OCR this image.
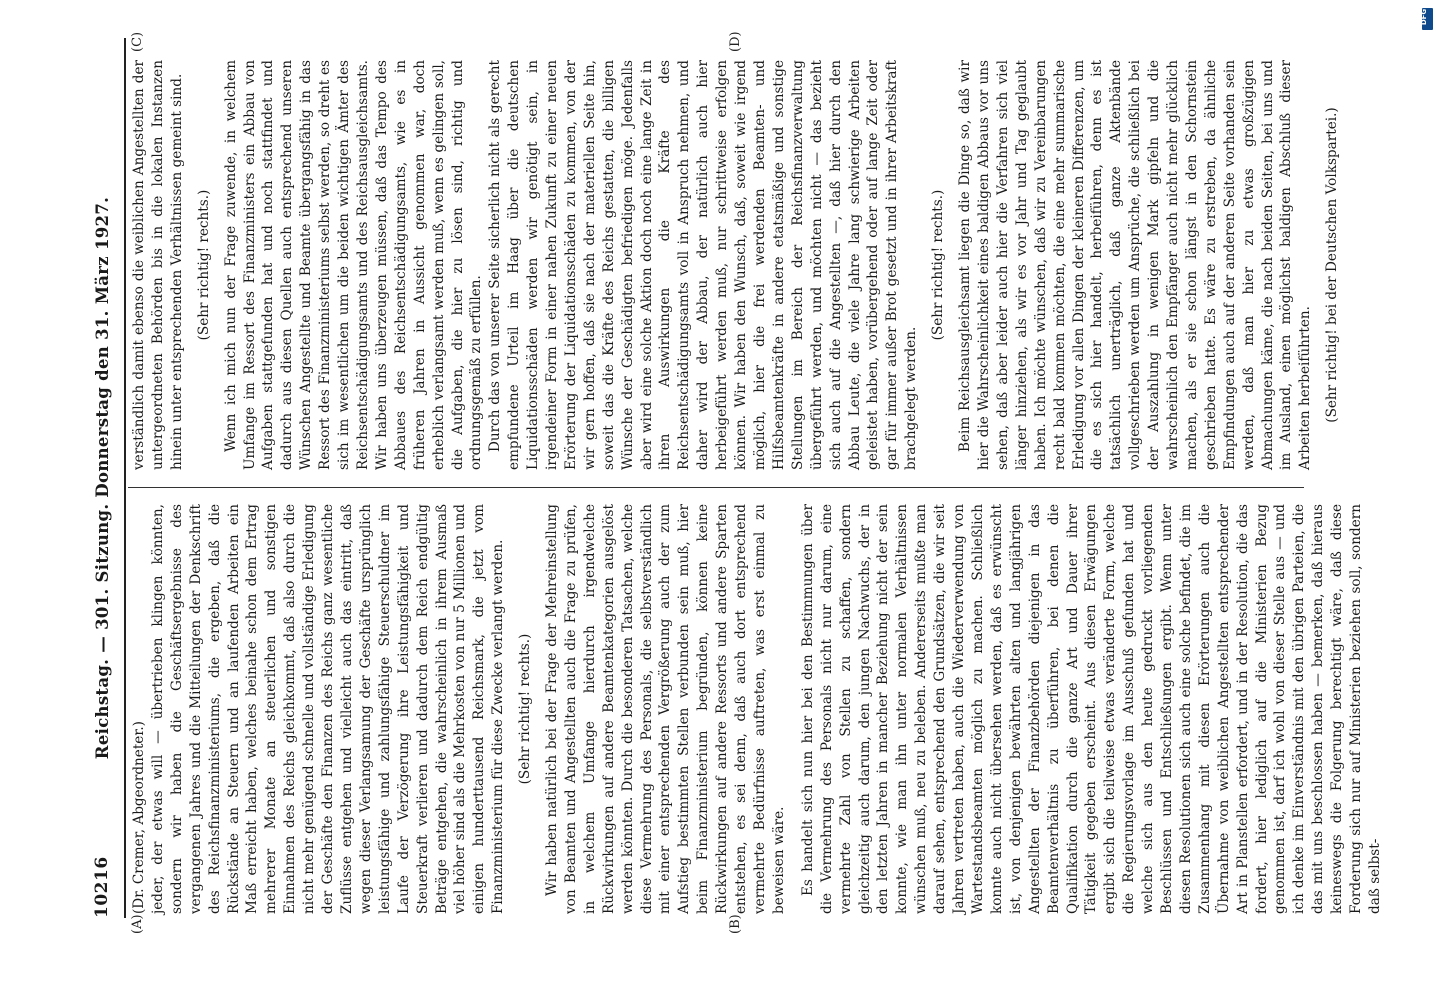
10216
Reichstag. — 301. Sitzung. Donnerstag den 31. März 1927.
(A)	(B)
(C)	(D)

(Dr. Cremer, Abgeordneter.) jeder, der etwas will — übertrieben klingen könnten, sondern wir haben die Geschäftsergebnisse des vergangenen Jahres und die Mitteilungen der Denkschrift des Reichsfinanzministeriums, die ergeben, daß die Rückstände an Steuern und an laufenden Arbeiten ein Maß erreicht haben, welches beinahe schon dem Ertrag mehrerer Monate an steuerlichen und sonstigen Einnahmen des Reichs gleichkommt, daß also durch die nicht mehr genügend schnelle und vollständige Erledigung der Geschäfte den Finanzen des Reichs ganz wesentliche Zuflüsse entgehen und vielleicht auch das eintritt, daß wegen dieser Verlangsamung der Geschäfte ursprünglich leistungsfähige und zahlungsfähige Steuerschuldner im Laufe der Verzögerung ihre Leistungsfähigkeit und Steuerkraft verlieren und dadurch dem Reich endgültig Beträge entgehen, die wahrscheinlich in ihrem Ausmaß viel höher sind als die Mehrkosten von nur 5 Millionen und einigen hunderttausend Reichsmark, die jetzt vom Finanzministerium für diese Zwecke verlangt werden. (Sehr richtig! rechts.) Wir haben natürlich bei der Frage der Mehreinstellung von Beamten und Angestellten auch die Frage zu prüfen, in welchem Umfange hierdurch irgendwelche Rückwirkungen auf andere Beamtenkategorien ausgelöst werden könnten. Durch die besonderen Tatsachen, welche diese Vermehrung des Personals, die selbstverständlich mit einer entsprechenden Vergrößerung auch der zum Aufstieg bestimmten Stellen verbunden sein muß, hier beim Finanzministerium begründen, können keine Rückwirkungen auf andere Ressorts und andere Sparten entstehen, es sei denn, daß auch dort entsprechend vermehrte Bedürfnisse auftreten, was erst einmal zu beweisen wäre. Es handelt sich nun hier bei den Bestimmungen über die Vermehrung des Personals nicht nur darum, eine vermehrte Zahl von Stellen zu schaffen, sondern gleichzeitig auch darum, den jungen Nachwuchs, der in den letzten Jahren in mancher Beziehung nicht der sein konnte, wie man ihn unter normalen Verhältnissen wünschen muß, neu zu beleben. Andererseits mußte man darauf sehen, entsprechend den Grundsätzen, die wir seit Jahren vertreten haben, auch die Wiederverwendung von Wartestandsbeamten möglich zu machen. Schließlich konnte auch nicht übersehen werden, daß es erwünscht ist, von denjenigen bewährten alten und langjährigen Angestellten der Finanzbehörden diejenigen in das Beamtenverhältnis zu überführen, bei denen die Qualifikation durch die ganze Art und Dauer ihrer Tätigkeit gegeben erscheint. Aus diesen Erwägungen ergibt sich die teilweise etwas veränderte Form, welche die Regierungsvorlage im Ausschuß gefunden hat und welche sich aus den heute gedruckt vorliegenden Beschlüssen und Entschließungen ergibt. Wenn unter diesen Resolutionen sich auch eine solche befindet, die im Zusammenhang mit diesen Erörterungen auch die Übernahme von weiblichen Angestellten entsprechender Art in Planstellen erfordert, und in der Resolution, die das fordert, hier lediglich auf die Ministerien Bezug genommen ist, darf ich wohl von dieser Stelle aus — und ich denke im Einverständnis mit den übrigen Parteien, die das mit uns beschlossen haben — bemerken, daß hieraus keineswegs die Folgerung berechtigt wäre, daß diese Forderung sich nur auf Ministerien beziehen soll, sondern daß selbst-

verständlich damit ebenso die weiblichen Angestellten der untergeordneten Behörden bis in die lokalen Instanzen hinein unter entsprechenden Verhältnissen gemeint sind. (Sehr richtig! rechts.) Wenn ich mich nun der Frage zuwende, in welchem Umfange im Ressort des Finanzministers ein Abbau von Aufgaben stattgefunden hat und noch stattfindet und dadurch aus diesen Quellen auch entsprechend unseren Wünschen Angestellte und Beamte übergangsfähig in das Ressort des Finanzministeriums selbst werden, so dreht es sich im wesentlichen um die beiden wichtigen Ämter des Reichsentschädigungsamts und des Reichsausgleichsamts. Wir haben uns überzeugen müssen, daß das Tempo des Abbaues des Reichsentschädigungsamts, wie es in früheren Jahren in Aussicht genommen war, doch erheblich verlangsamt werden muß, wenn es gelingen soll, die Aufgaben, die hier zu lösen sind, richtig und ordnungsgemäß zu erfüllen. Durch das von unserer Seite sicherlich nicht als gerecht empfundene Urteil im Haag über die deutschen Liquidationsschäden werden wir genötigt sein, in irgendeiner Form in einer nahen Zukunft zu einer neuen Erörterung der Liquidationsschäden zu kommen, von der wir gern hoffen, daß sie nach der materiellen Seite hin, soweit das die Kräfte des Reichs gestatten, die billigen Wünsche der Geschädigten befriedigen möge. Jedenfalls aber wird eine solche Aktion doch noch eine lange Zeit in ihren Auswirkungen die Kräfte des Reichsentschädigungsamts voll in Anspruch nehmen, und daher wird der Abbau, der natürlich auch hier herbeigeführt werden muß, nur schrittweise erfolgen können. Wir haben den Wunsch, daß, soweit wie irgend möglich, hier die frei werdenden Beamten- und Hilfsbeamtenkräfte in andere etatsmäßige und sonstige Stellungen im Bereich der Reichsfinanzverwaltung übergeführt werden, und möchten nicht — das bezieht sich auch auf die Angestellten —, daß hier durch den Abbau Leute, die viele Jahre lang schwierige Arbeiten geleistet haben, vorübergehend oder auf lange Zeit oder gar für immer außer Brot gesetzt und in ihrer Arbeitskraft brachgelegt werden.

(Sehr richtig! rechts.) Beim Reichsausgleichsamt liegen die Dinge so, daß wir hier die Wahrscheinlichkeit eines baldigen Abbaus vor uns sehen, daß aber leider auch hier die Verfahren sich viel länger hinziehen, als wir es vor Jahr und Tag geglaubt haben. Ich möchte wünschen, daß wir zu Vereinbarungen recht bald kommen möchten, die eine mehr summarische Erledigung vor allen Dingen der kleineren Differenzen, um die es sich hier handelt, herbeiführen, denn es ist tatsächlich unerträglich, daß ganze Aktenbände vollgeschrieben werden um Ansprüche, die schließlich bei der Auszahlung in wenigen Mark gipfeln und die wahrscheinlich den Empfänger auch nicht mehr glücklich machen, als er sie schon längst in den Schornstein geschrieben hatte. Es wäre zu erstreben, da ähnliche Empfindungen auch auf der anderen Seite vorhanden sein werden, daß man hier zu etwas großzügigen Abmachungen käme, die nach beiden Seiten, bei uns und im Ausland, einen möglichst baldigen Abschluß dieser Arbeiten herbeiführten. (Sehr richtig! bei der Deutschen Volkspartei.)

DFG
